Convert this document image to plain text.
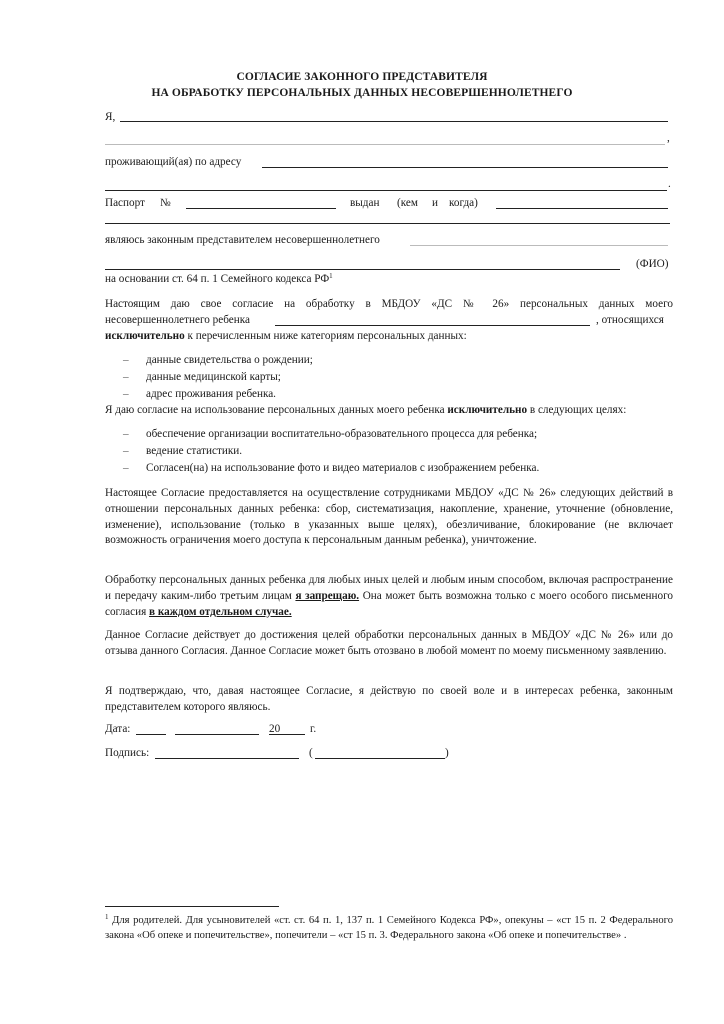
СОГЛАСИЕ ЗАКОННОГО ПРЕДСТАВИТЕЛЯ
НА ОБРАБОТКУ ПЕРСОНАЛЬНЫХ ДАННЫХ НЕСОВЕРШЕННОЛЕТНЕГО
Я,
,
проживающий(ая) по адресу
.
Паспорт №	выдан (кем и когда)
являюсь законным представителем несовершеннолетнего
(ФИО)
на основании ст. 64 п. 1 Семейного кодекса $РФ^1$
Настоящим даю свое согласие на обработку в МБДОУ «ДС № 26» персональных данных моего
несовершеннолетнего ребенка	, относящихся
исключительно к перечисленным ниже категориям персональных данных:
– данные свидетельства о рождении;
– данные медицинской карты;
– адрес проживания ребенка.
Я даю согласие на использование персональных данных моего ребенка исключительно в следующих целях:
– обеспечение организации воспитательно-образовательного процесса для ребенка;
– ведение статистики.
– Согласен(на) на использование фото и видео материалов с изображением ребенка.
Настоящее Согласие предоставляется на осуществление сотрудниками МБДОУ «ДС № 26» следующих действий в отношении персональных данных ребенка: сбор, систематизация, накопление, хранение, уточнение (обновление, изменение), использование (только в указанных выше целях), обезличивание, блокирование (не включает возможность ограничения моего доступа к персональным данным ребенка), уничтожение.
Обработку персональных данных ребенка для любых иных целей и любым иным способом, включая распространение и передачу каким-либо третьим лицам я запрещаю. Она может быть возможна только с моего особого письменного согласия в каждом отдельном случае.
Данное Согласие действует до достижения целей обработки персональных данных в МБДОУ «ДС № 26» или до отзыва данного Согласия. Данное Согласие может быть отозвано в любой момент по моему письменному заявлению.
Я подтверждаю, что, давая настоящее Согласие, я действую по своей воле и в интересах ребенка, законным представителем которого являюсь.
Дата:	20	г.
Подпись:	(	)
$^1$ Для родителей. Для усыновителей «ст. ст. 64 п. 1, 137 п. 1 Семейного Кодекса РФ», опекуны – «ст 15 п. 2 Федерального закона «Об опеке и попечительстве», попечители – «ст 15 п. 3. Федерального закона «Об опеке и попечительстве» .
